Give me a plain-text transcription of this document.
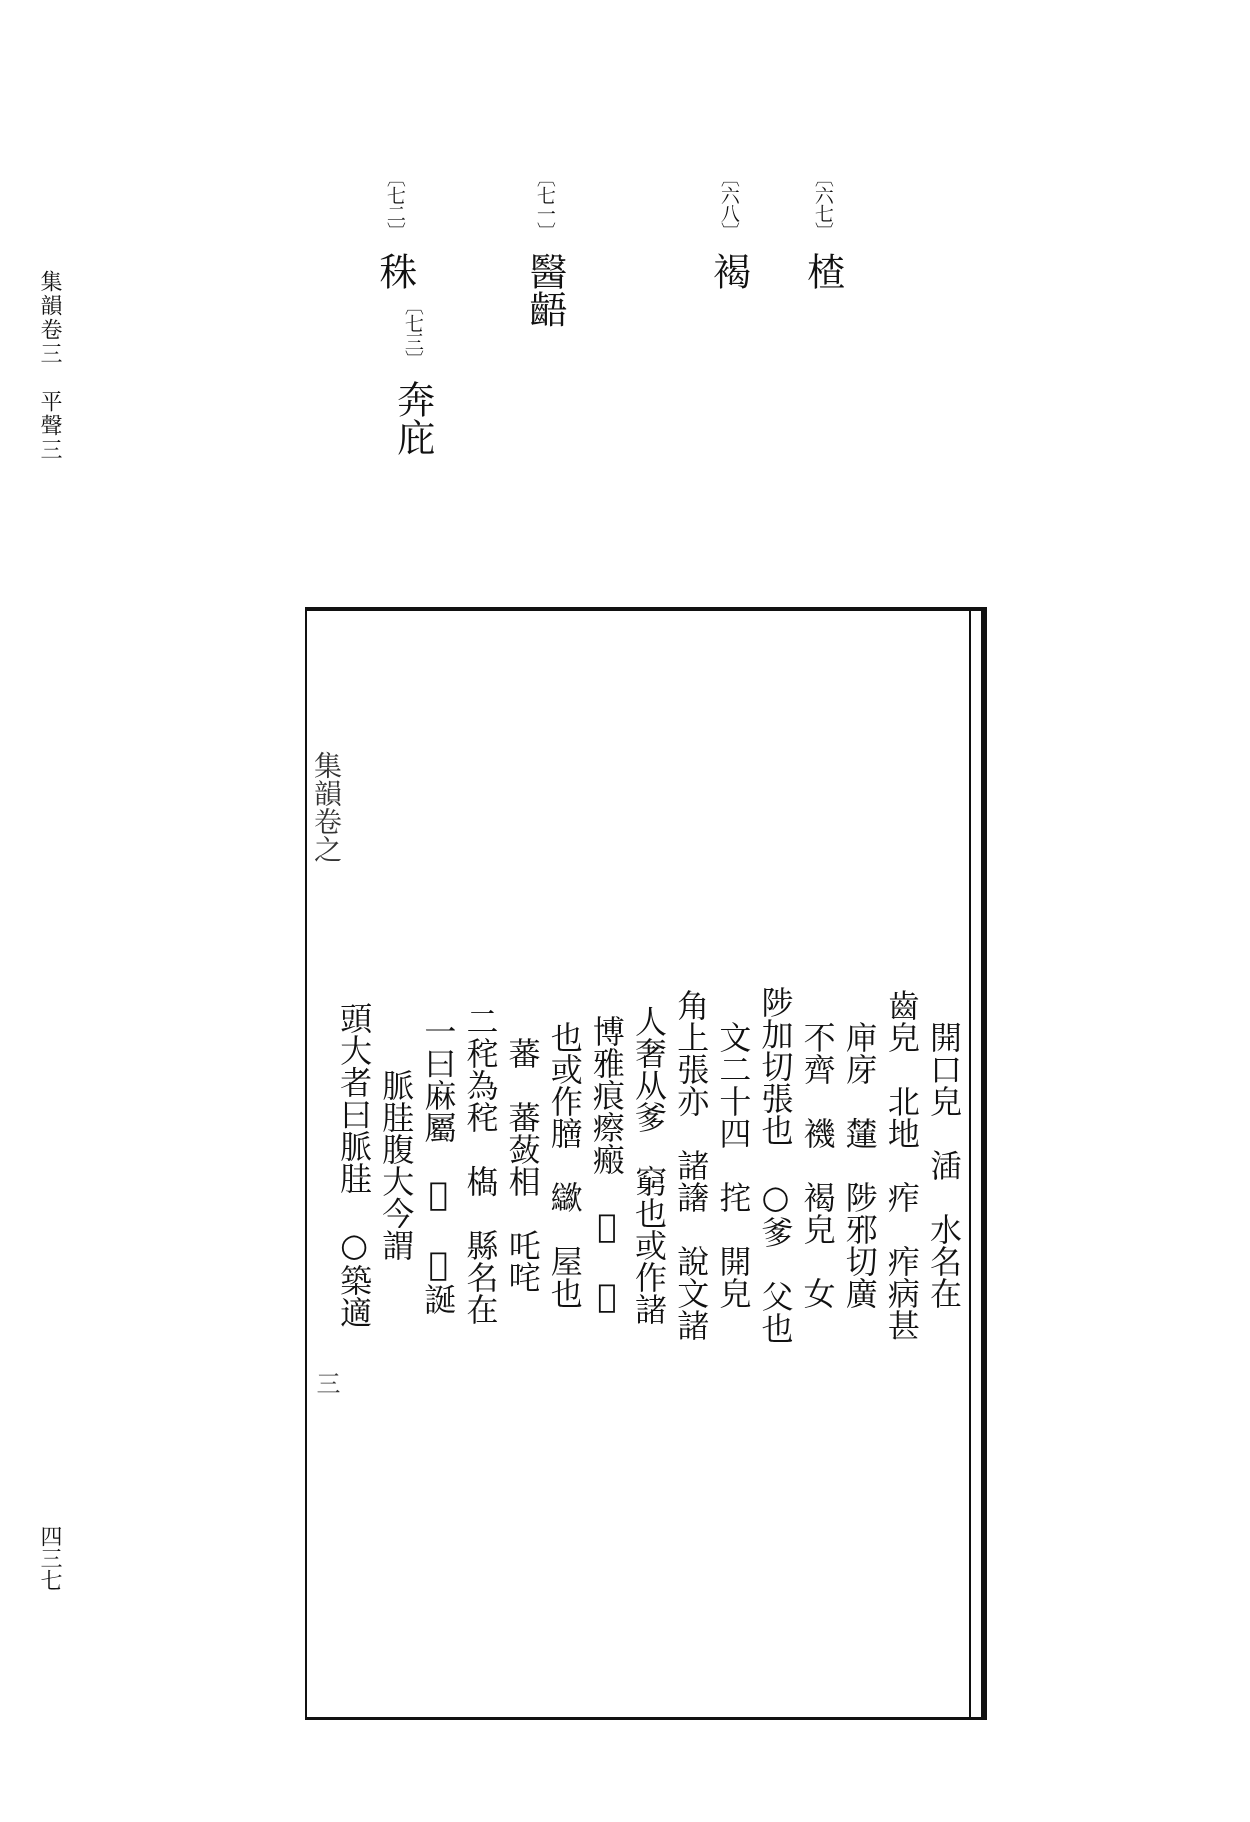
集韻卷三　平聲三
四三七
〔六七〕
楂
〔六八〕
褐
〔七一〕
醫齬
〔七二〕
秼
〔七三〕
奔庇
集韻卷之
三
開口皃　㴙　水名在
齒皃　北地　痄　痄病甚
庘庌　㰈　陟邪切廣
不齊　𧝞　褐皃　女
陟加切張也　○爹　父也
文二十四　挓　開皃
角上張亦　諸譇　說文諸
人奢从爹　窮也或作諸
博雅痕瘵瘢　𤻔　𢉩
也或作膪　㱍　屋也
蕃　蕃蔹相　吒咤
二秺為秺　𣘺　縣名在
一曰麻屬　𣂈　𣅿誕
脈胿腹大今謂
頭大者曰脈胿　○築適
